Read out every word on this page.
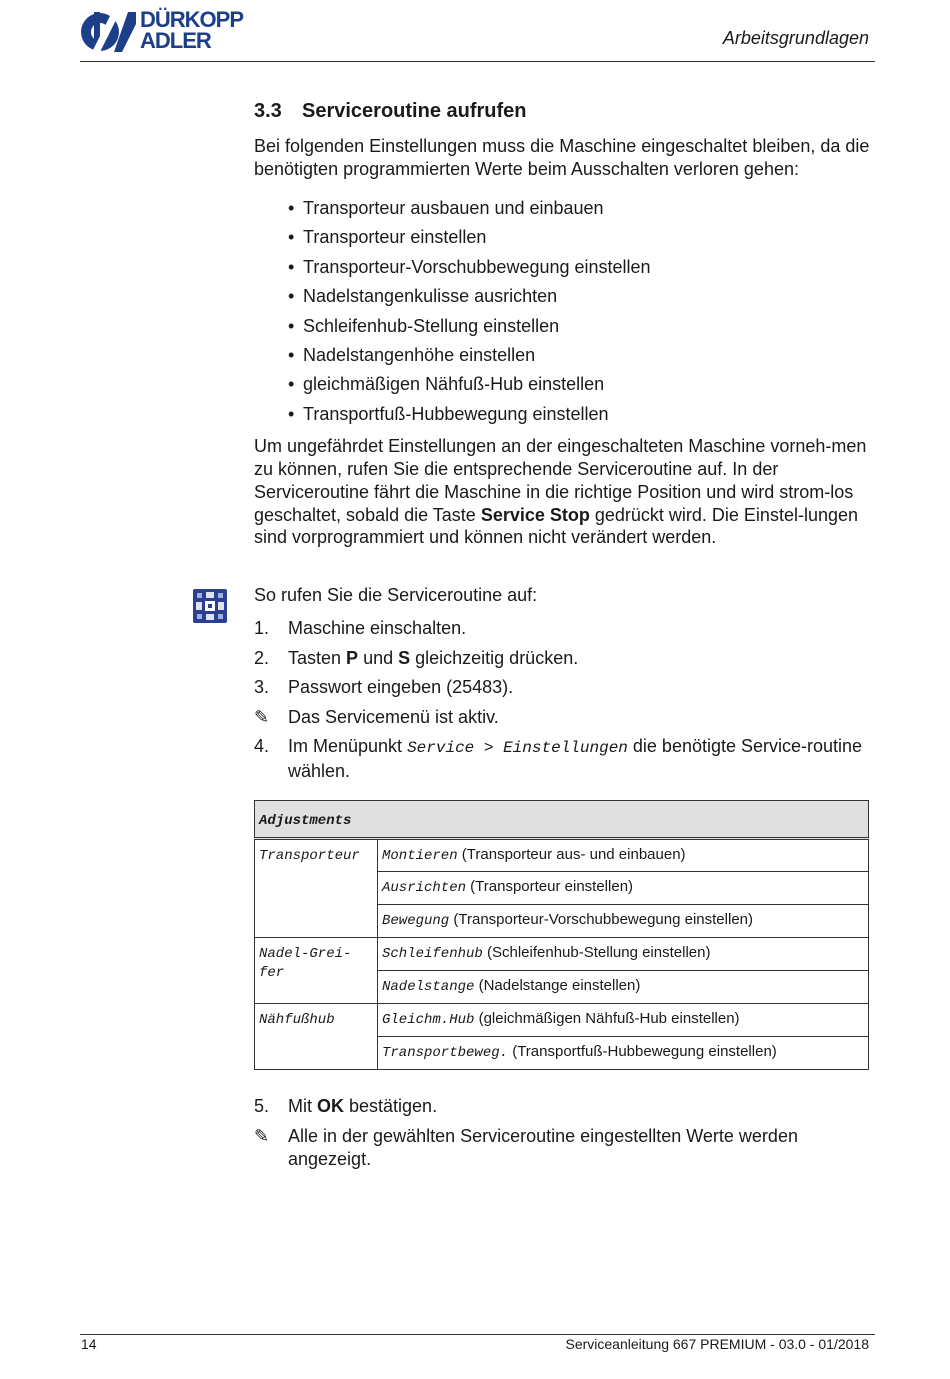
DÜRKOPP
ADLER	Arbeitsgrundlagen
3.3 Serviceroutine aufrufen

Bei folgenden Einstellungen muss die Maschine eingeschaltet bleiben, da die benötigten programmierten Werte beim Ausschalten verloren gehen:

• Transporteur ausbauen und einbauen
• Transporteur einstellen
• Transporteur-Vorschubbewegung einstellen
• Nadelstangenkulisse ausrichten
• Schleifenhub-Stellung einstellen
• Nadelstangenhöhe einstellen
• gleichmäßigen Nähfuß-Hub einstellen
• Transportfuß-Hubbewegung einstellen

Um ungefährdet Einstellungen an der eingeschalteten Maschine vorneh-men zu können, rufen Sie die entsprechende Serviceroutine auf. In der Serviceroutine fährt die Maschine in die richtige Position und wird strom-los geschaltet, sobald die Taste Service Stop gedrückt wird. Die Einstel-lungen sind vorprogrammiert und können nicht verändert werden.

So rufen Sie die Serviceroutine auf:

1. Maschine einschalten.
2. Tasten P und S gleichzeitig drücken.
3. Passwort eingeben (25483).
✎ Das Servicemenü ist aktiv.
4. Im Menüpunkt Service > Einstellungen die benötigte Service-routine wählen.
Adjustments	
Transporteur	Montieren (Transporteur aus- und einbauen)
	Ausrichten (Transporteur einstellen)
	Bewegung (Transporteur-Vorschubbewegung einstellen)
Nadel-Grei-fer	Schleifenhub (Schleifenhub-Stellung einstellen)
	Nadelstange (Nadelstange einstellen)
Nähfußhub	Gleichm.Hub (gleichmäßigen Nähfuß-Hub einstellen)
	Transportbeweg. (Transportfuß-Hubbewegung einstellen)
5. Mit OK bestätigen.
✎ Alle in der gewählten Serviceroutine eingestellten Werte werden angezeigt.
14	Serviceanleitung 667 PREMIUM - 03.0 - 01/2018
